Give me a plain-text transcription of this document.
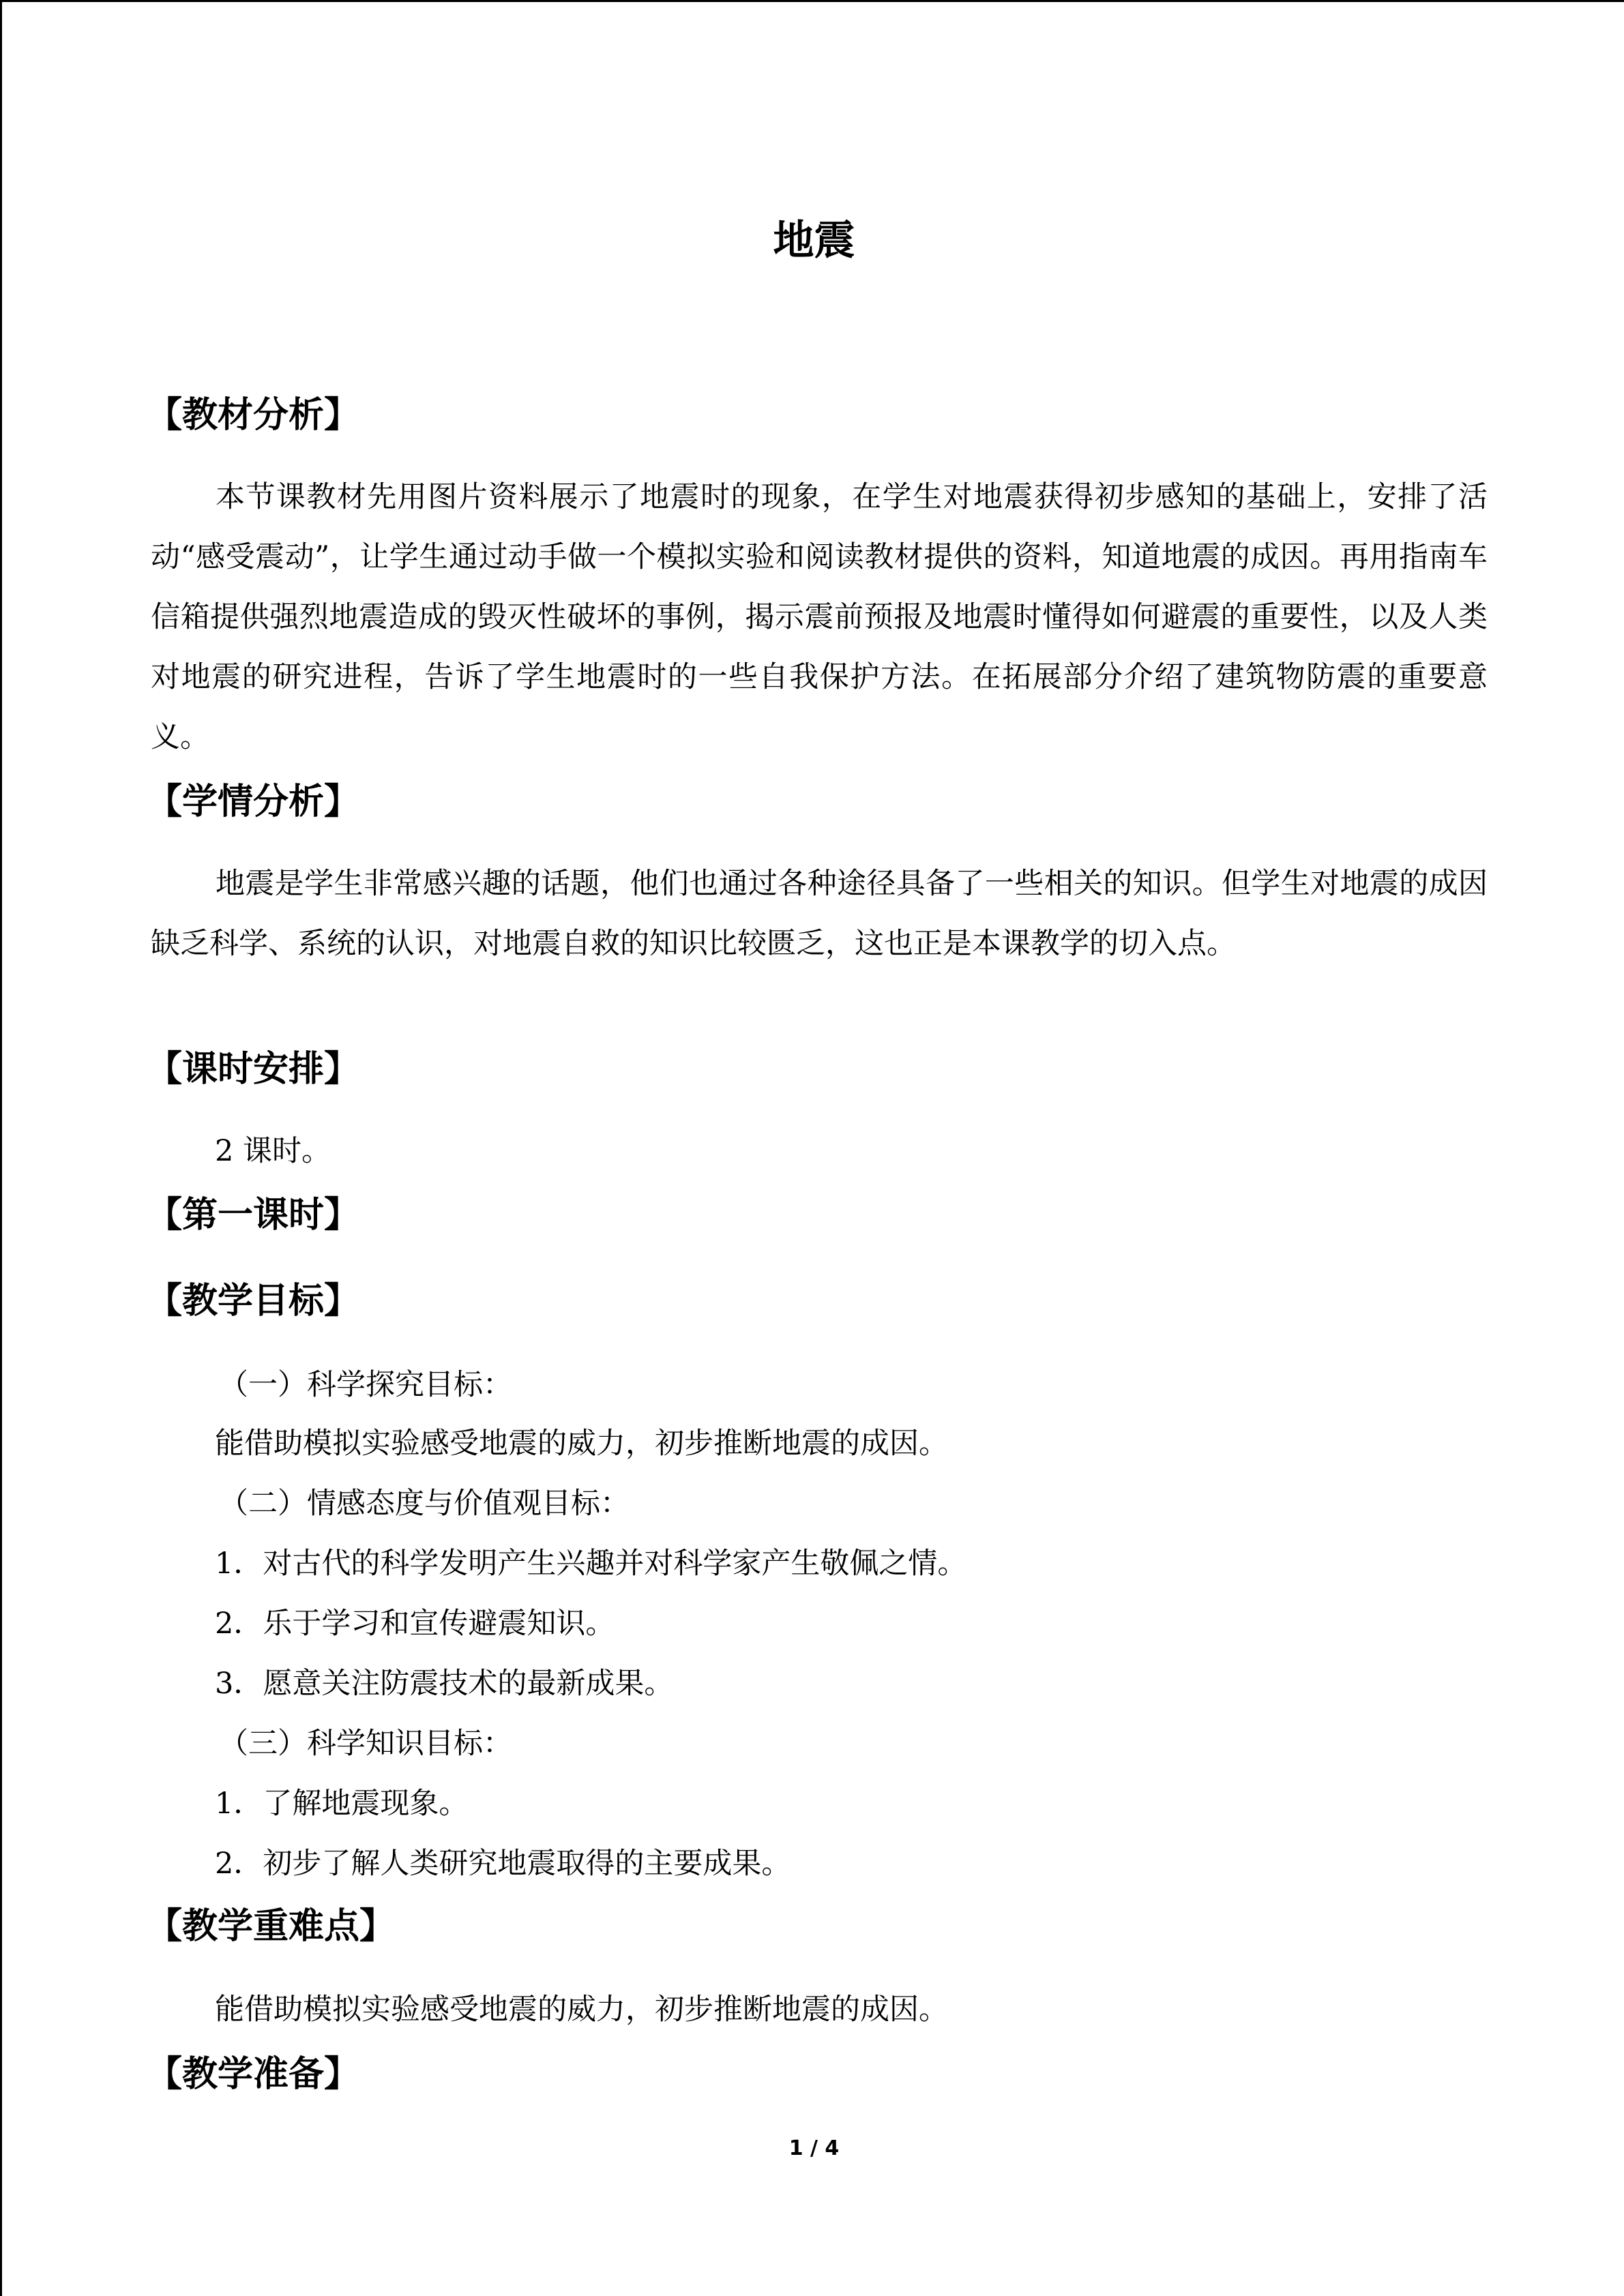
地震
【教材分析】
本节课教材先用图片资料展示了地震时的现象，在学生对地震获得初步感知的基础上，安排了活动“感受震动”，让学生通过动手做一个模拟实验和阅读教材提供的资料，知道地震的成因。再用指南车信箱提供强烈地震造成的毁灭性破坏的事例，揭示震前预报及地震时懂得如何避震的重要性，以及人类对地震的研究进程，告诉了学生地震时的一些自我保护方法。在拓展部分介绍了建筑物防震的重要意义。
【学情分析】
地震是学生非常感兴趣的话题，他们也通过各种途径具备了一些相关的知识。但学生对地震的成因缺乏科学、系统的认识，对地震自救的知识比较匮乏，这也正是本课教学的切入点。
【课时安排】
2 课时。
【第一课时】
【教学目标】
（一）科学探究目标：
能借助模拟实验感受地震的威力，初步推断地震的成因。
（二）情感态度与价值观目标：
1．对古代的科学发明产生兴趣并对科学家产生敬佩之情。
2．乐于学习和宣传避震知识。
3．愿意关注防震技术的最新成果。
（三）科学知识目标：
1．了解地震现象。
2．初步了解人类研究地震取得的主要成果。
【教学重难点】
能借助模拟实验感受地震的威力，初步推断地震的成因。
【教学准备】
1 / 4
